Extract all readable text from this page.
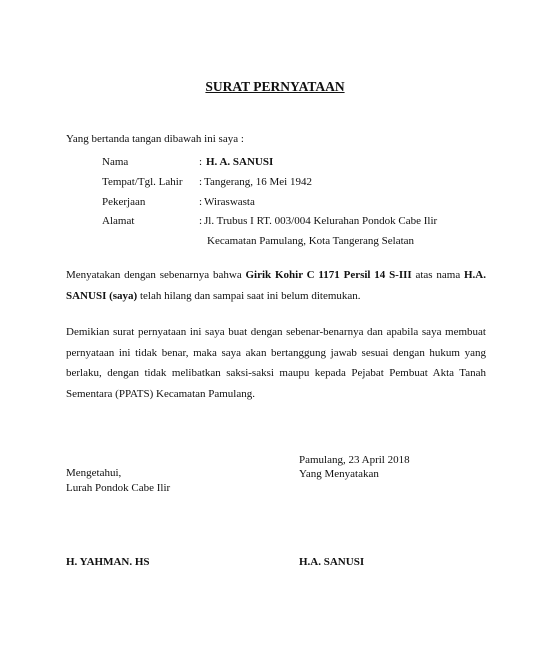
SURAT PERNYATAAN
Yang bertanda tangan dibawah ini saya :
Nama	: H. A. SANUSI
Tempat/Tgl. Lahir : Tangerang, 16 Mei 1942
Pekerjaan	: Wiraswasta
Alamat	: Jl. Trubus I RT. 003/004 Kelurahan Pondok Cabe Ilir
Kecamatan Pamulang, Kota Tangerang Selatan
Menyatakan dengan sebenarnya bahwa Girik Kohir C 1171 Persil 14 S-III atas nama H.A. SANUSI (saya) telah hilang dan sampai saat ini belum ditemukan.
Demikian surat pernyataan ini saya buat dengan sebenar-benarnya dan apabila saya membuat pernyataan ini tidak benar, maka saya akan bertanggung jawab sesuai dengan hukum yang berlaku, dengan tidak melibatkan saksi-saksi maupu kepada Pejabat Pembuat Akta Tanah Sementara (PPATS) Kecamatan Pamulang.
Pamulang, 23 April 2018
Yang Menyatakan
Mengetahui,
Lurah Pondok Cabe Ilir
H. YAHMAN. HS	H.A. SANUSI
